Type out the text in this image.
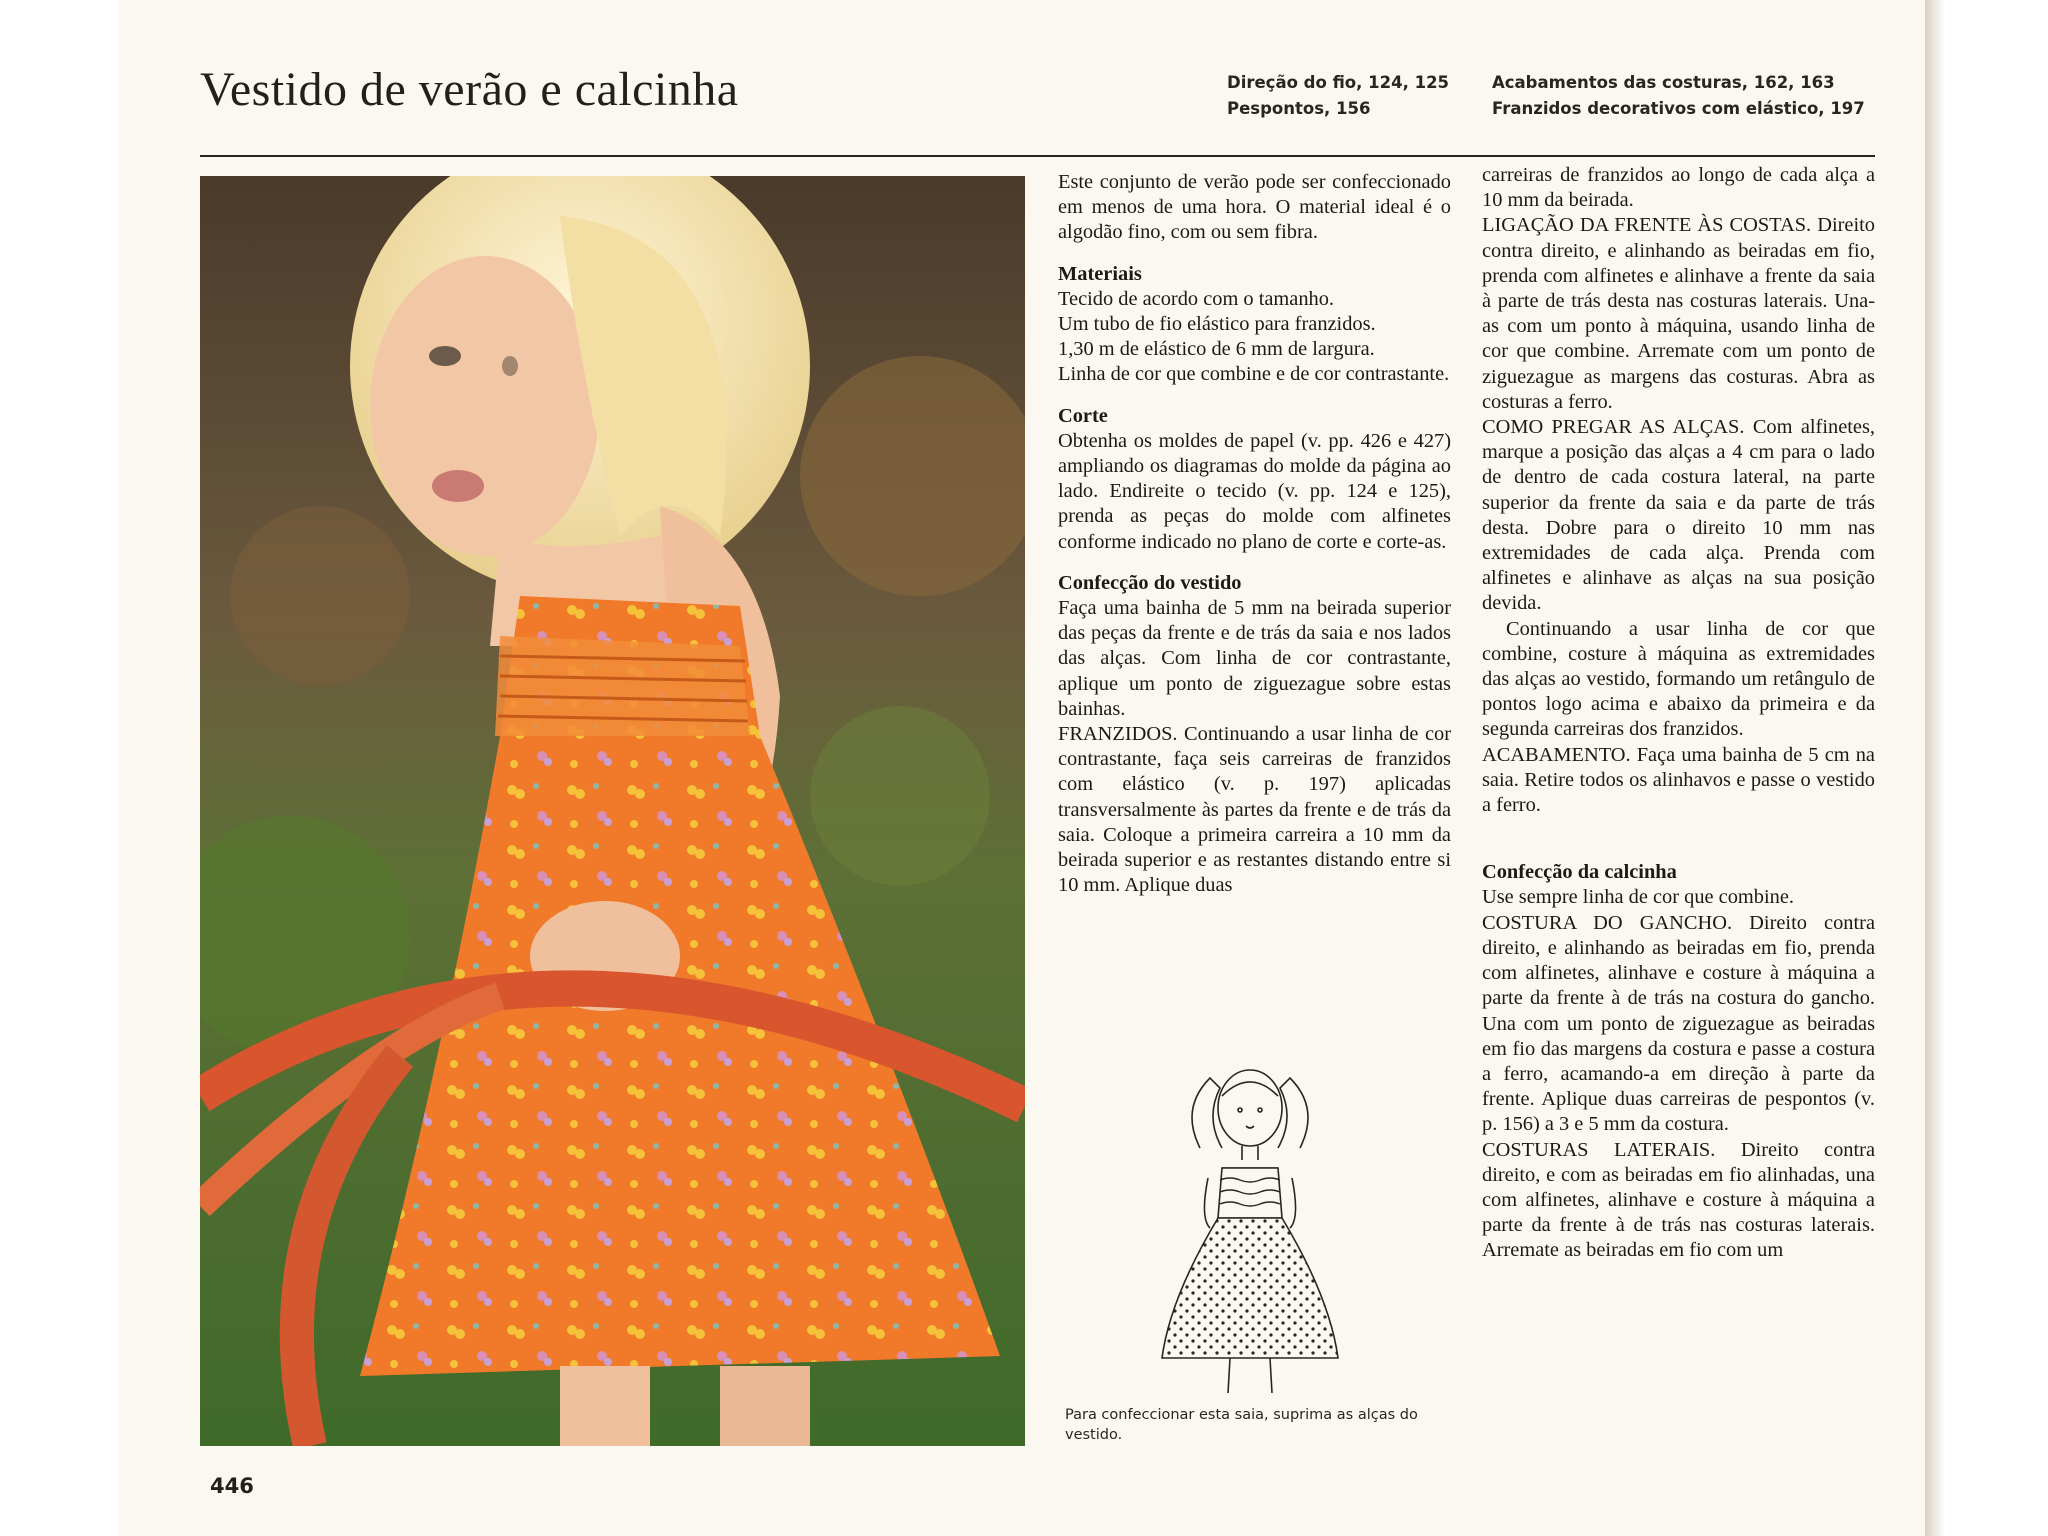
Vestido de verão e calcinha	Direção do fio, 124, 125
Pespontos, 156
Acabamentos das costuras, 162, 163
Franzidos decorativos com elástico, 197

Este conjunto de verão pode ser confeccionado em menos de uma hora. O material ideal é o algodão fino, com ou sem fibra.

Materiais

Tecido de acordo com o tamanho.

Um tubo de fio elástico para franzidos.

1,30 m de elástico de 6 mm de largura.

Linha de cor que combine e de cor contrastante.

Corte

Obtenha os moldes de papel (v. pp. 426 e 427) ampliando os diagramas do molde da página ao lado. Endireite o tecido (v. pp. 124 e 125), prenda as peças do molde com alfinetes conforme indicado no plano de corte e corte-as.

Confecção do vestido

Faça uma bainha de 5 mm na beirada superior das peças da frente e de trás da saia e nos lados das alças. Com linha de cor contrastante, aplique um ponto de ziguezague sobre estas bainhas.

FRANZIDOS. Continuando a usar linha de cor contrastante, faça seis carreiras de franzidos com elástico (v. p. 197) aplicadas transversalmente às partes da frente e de trás da saia. Coloque a primeira carreira a 10 mm da beirada superior e as restantes distando entre si 10 mm. Aplique duas

Para confeccionar esta saia, suprima as alças do vestido.

carreiras de franzidos ao longo de cada alça a 10 mm da beirada.

LIGAÇÃO DA FRENTE ÀS COSTAS. Direito contra direito, e alinhando as beiradas em fio, prenda com alfinetes e alinhave a frente da saia à parte de trás desta nas costuras laterais. Una-as com um ponto à máquina, usando linha de cor que combine. Arremate com um ponto de ziguezague as margens das costuras. Abra as costuras a ferro.

COMO PREGAR AS ALÇAS. Com alfinetes, marque a posição das alças a 4 cm para o lado de dentro de cada costura lateral, na parte superior da frente da saia e da parte de trás desta. Dobre para o direito 10 mm nas extremidades de cada alça. Prenda com alfinetes e alinhave as alças na sua posição devida.

Continuando a usar linha de cor que combine, costure à máquina as extremidades das alças ao vestido, formando um retângulo de pontos logo acima e abaixo da primeira e da segunda carreiras dos franzidos.

ACABAMENTO. Faça uma bainha de 5 cm na saia. Retire todos os alinhavos e passe o vestido a ferro.

Confecção da calcinha

Use sempre linha de cor que combine.

COSTURA DO GANCHO. Direito contra direito, e alinhando as beiradas em fio, prenda com alfinetes, alinhave e costure à máquina a parte da frente à de trás na costura do gancho. Una com um ponto de ziguezague as beiradas em fio das margens da costura e passe a costura a ferro, acamando-a em direção à parte da frente. Aplique duas carreiras de pespontos (v. p. 156) a 3 e 5 mm da costura.

COSTURAS LATERAIS. Direito contra direito, e com as beiradas em fio alinhadas, una com alfinetes, alinhave e costure à máquina a parte da frente à de trás nas costuras laterais. Arremate as beiradas em fio com um

446
